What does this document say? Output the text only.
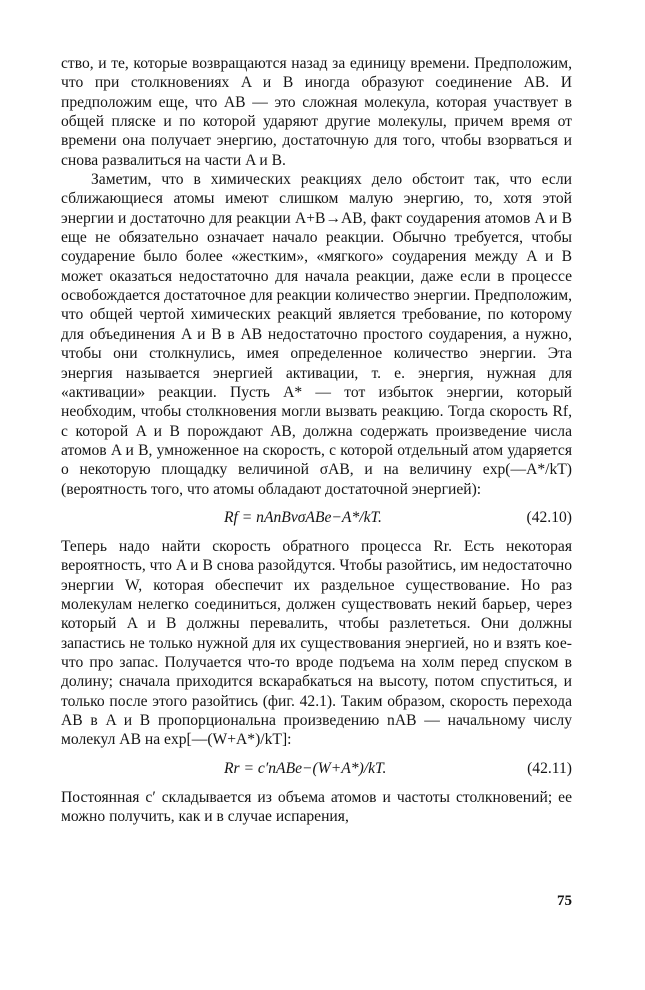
ство, и те, которые возвращаются назад за единицу времени. Предположим, что при столкновениях A и B иногда образуют соединение AB. И предположим еще, что AB — это сложная молекула, которая участвует в общей пляске и по которой ударяют другие молекулы, причем время от времени она получает энергию, достаточную для того, чтобы взорваться и снова развалиться на части A и B.

Заметим, что в химических реакциях дело обстоит так, что если сближающиеся атомы имеют слишком малую энергию, то, хотя этой энергии и достаточно для реакции A+B→AB, факт соударения атомов A и B еще не обязательно означает начало реакции. Обычно требуется, чтобы соударение было более «жестким», «мягкого» соударения между A и B может оказаться недостаточно для начала реакции, даже если в процессе освобождается достаточное для реакции количество энергии. Предположим, что общей чертой химических реакций является требование, по которому для объединения A и B в AB недостаточно простого соударения, а нужно, чтобы они столкнулись, имея определенное количество энергии. Эта энергия называется энергией активации, т. е. энергия, нужная для «активации» реакции. Пусть A* — тот избыток энергии, который необходим, чтобы столкновения могли вызвать реакцию. Тогда скорость Rf, с которой A и B порождают AB, должна содержать произведение числа атомов A и B, умноженное на скорость, с которой отдельный атом ударяется о некоторую площадку величиной σAB, и на величину exp(—A*/kT) (вероятность того, что атомы обладают достаточной энергией):

Rf = nAnBvσABe−A*/kT.	(42.10)

Теперь надо найти скорость обратного процесса Rr. Есть некоторая вероятность, что A и B снова разойдутся. Чтобы разойтись, им недостаточно энергии W, которая обеспечит их раздельное существование. Но раз молекулам нелегко соединиться, должен существовать некий барьер, через который A и B должны перевалить, чтобы разлететься. Они должны запастись не только нужной для их существования энергией, но и взять кое-что про запас. Получается что-то вроде подъема на холм перед спуском в долину; сначала приходится вскарабкаться на высоту, потом спуститься, и только после этого разойтись (фиг. 42.1). Таким образом, скорость перехода AB в A и B пропорциональна произведению nAB — начальному числу молекул AB на exp[—(W+A*)/kT]:

Rr = c′nABe−(W+A*)/kT.	(42.11)

Постоянная c′ складывается из объема атомов и частоты столкновений; ее можно получить, как и в случае испарения,

75
